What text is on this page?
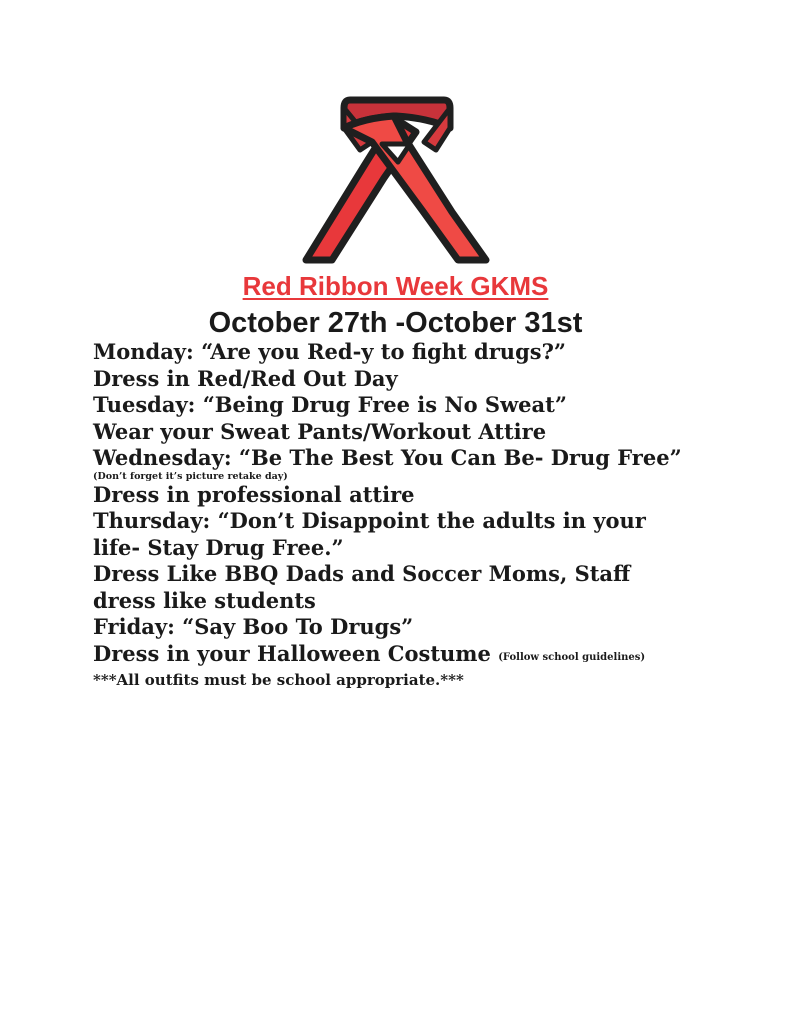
Red Ribbon Week GKMS
October 27th -October 31st
Monday: “Are you Red-y to fight drugs?”
Dress in Red/Red Out Day
Tuesday: “Being Drug Free is No Sweat”
Wear your Sweat Pants/Workout Attire
Wednesday: “Be The Best You Can Be- Drug Free”
(Don’t forget it’s picture retake day)
Dress in professional attire
Thursday: “Don’t Disappoint the adults in your
life- Stay Drug Free.”
Dress Like BBQ Dads and Soccer Moms, Staff
dress like students
Friday: “Say Boo To Drugs”
Dress in your Halloween Costume (Follow school guidelines)
***All outfits must be school appropriate.***
